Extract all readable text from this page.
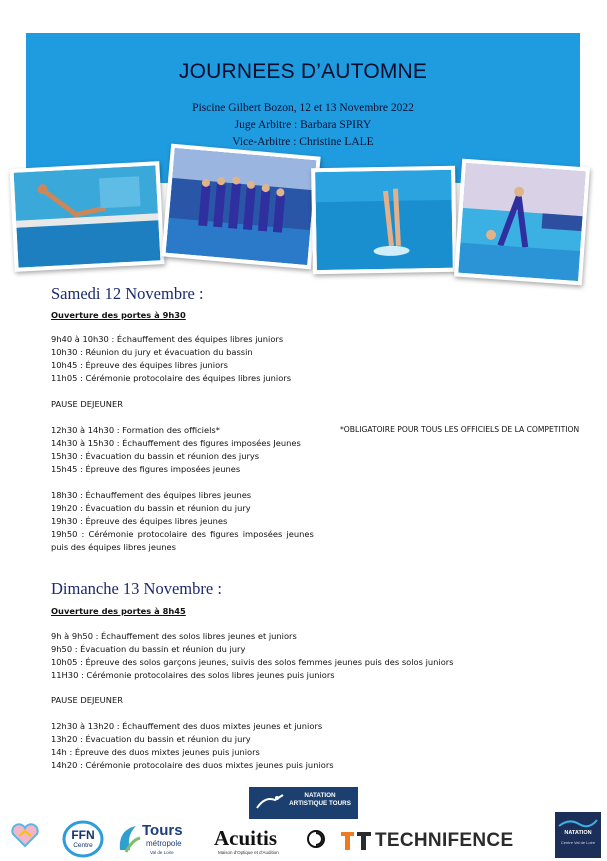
JOURNEES D’AUTOMNE
Piscine Gilbert Bozon, 12 et 13 Novembre 2022
Juge Arbitre : Barbara SPIRY
Vice-Arbitre : Christine LALE
Samedi 12 Novembre :
Ouverture des portes à 9h30
9h40 à 10h30 : Échauffement des équipes libres juniors
10h30 : Réunion du jury et évacuation du bassin
10h45 : Épreuve des équipes libres juniors
11h05 : Cérémonie protocolaire des équipes libres juniors
PAUSE DEJEUNER
12h30 à 14h30 : Formation des officiels*
14h30 à 15h30 : Échauffement des figures imposées Jeunes
15h30 : Évacuation du bassin et réunion des jurys
15h45 : Épreuve des figures imposées jeunes
*OBLIGATOIRE POUR TOUS LES OFFICIELS DE LA COMPETITION
18h30 : Échauffement des équipes libres jeunes
19h20 : Évacuation du bassin et réunion du jury
19h30 : Épreuve des équipes libres jeunes
19h50 : Cérémonie protocolaire des figures imposées jeunes
puis des équipes libres jeunes
Dimanche 13 Novembre :
Ouverture des portes à 8h45
9h à 9h50 : Échauffement des solos libres jeunes et juniors
9h50 : Évacuation du bassin et réunion du jury
10h05 : Épreuve des solos garçons jeunes, suivis des solos femmes jeunes puis des solos juniors
11H30 : Cérémonie protocolaires des solos libres jeunes puis juniors
PAUSE DEJEUNER
12h30 à 13h20 : Échauffement des duos mixtes jeunes et juniors
13h20 : Évacuation du bassin et réunion du jury
14h : Épreuve des duos mixtes jeunes puis juniors
14h20 : Cérémonie protocolaire des duos mixtes jeunes puis juniors
NATATION ARTISTIQUE TOURS
FFN
Centre
Tours
métropole
Val de Loire
Acuitis
Maison d'Optique et d'Audition
TECHNIFENCE	NATATION
Centre Val de Loire
